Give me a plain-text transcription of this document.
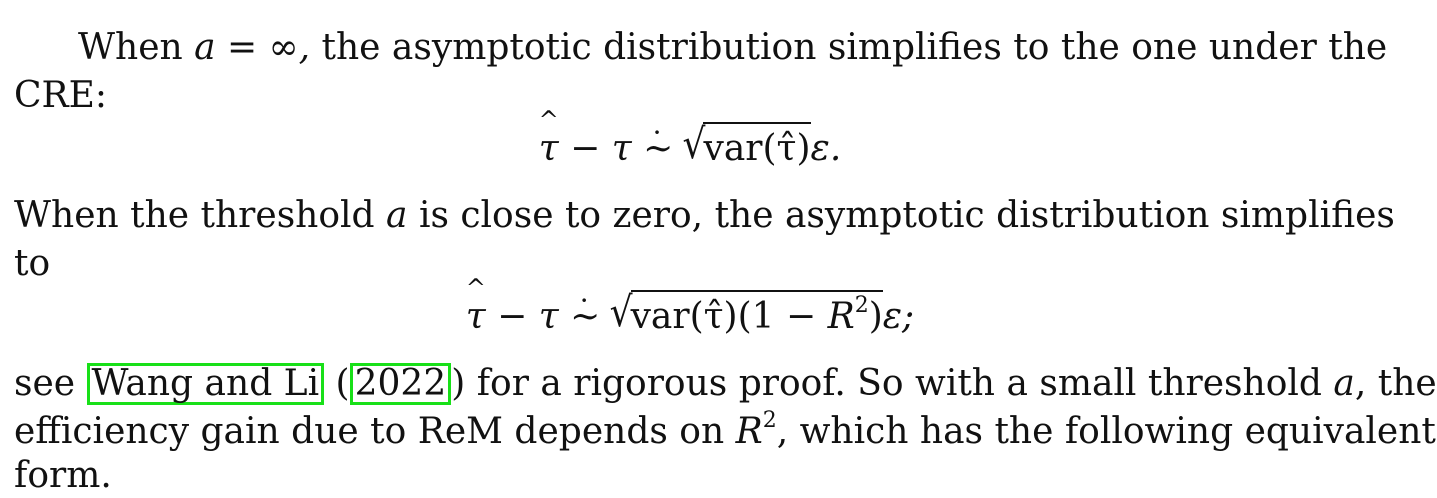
When a = ∞, the asymptotic distribution simplifies to the one under the
CRE:
^ τ − τ · ∼ √var(τ̂)ε.
When the threshold a is close to zero, the asymptotic distribution simplifies
to
^ τ − τ · ∼ √var(τ̂)(1 − $R^2)\varepsilon$;
see Wang and Li ( 2022 ) for a rigorous proof. So with a small threshold a, the
efficiency gain due to ReM depends on $R^2$, which has the following equivalent
form.
